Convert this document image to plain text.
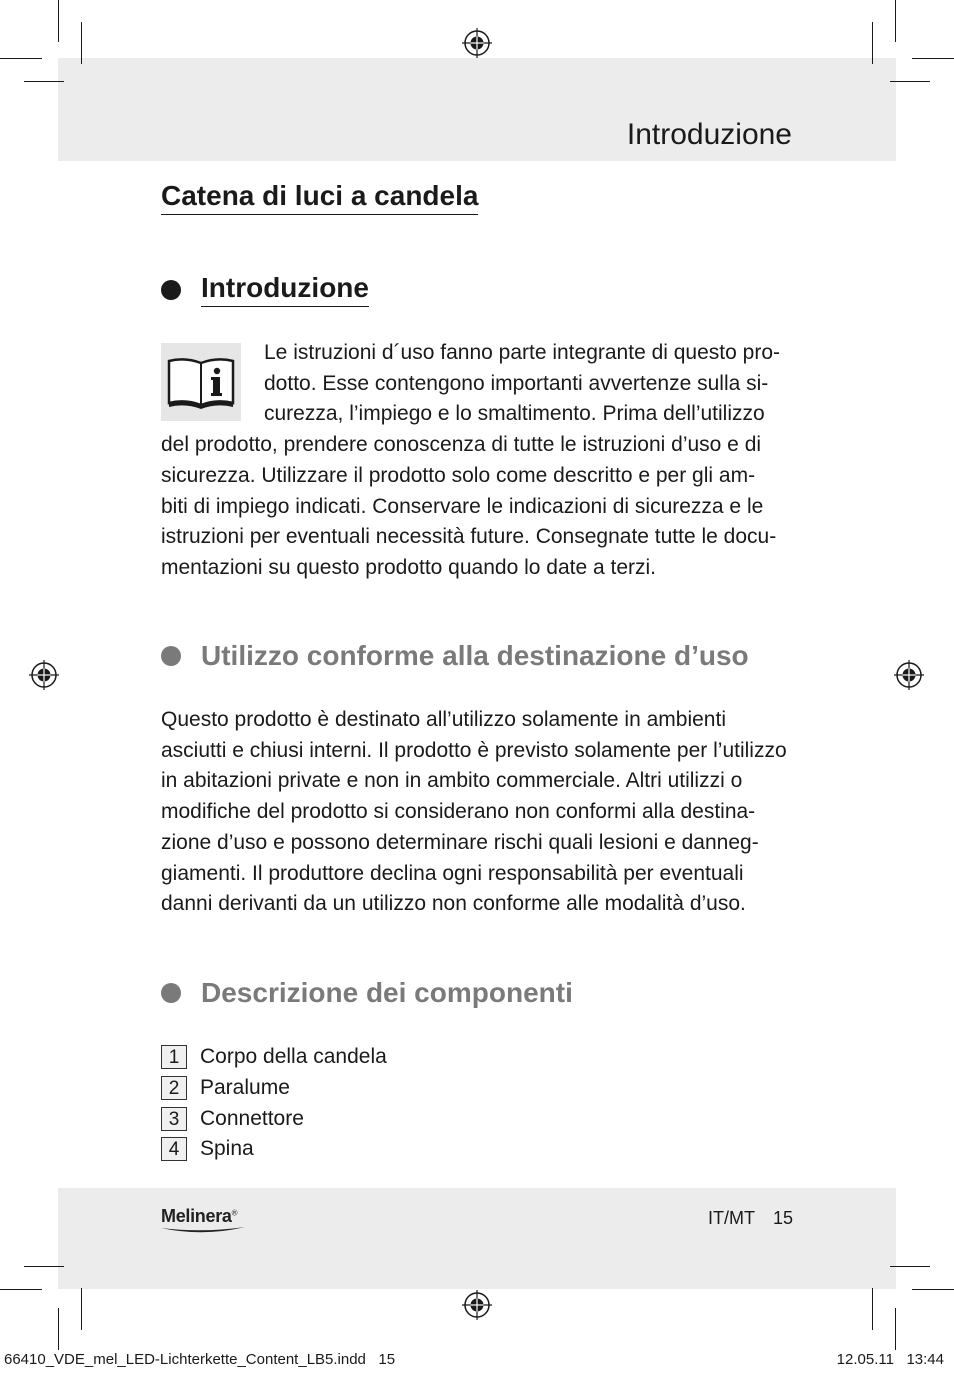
Introduzione
Catena di luci a candela
Introduzione

Le istruzioni d´uso fanno parte integrante di questo pro-

dotto. Esse contengono importanti avvertenze sulla si-

curezza, l’impiego e lo smaltimento. Prima dell’utilizzo

del prodotto, prendere conoscenza di tutte le istruzioni d’uso e di

sicurezza. Utilizzare il prodotto solo come descritto e per gli am-

biti di impiego indicati. Conservare le indicazioni di sicurezza e le

istruzioni per eventuali necessità future. Consegnate tutte le docu-

mentazioni su questo prodotto quando lo date a terzi.

Utilizzo conforme alla destinazione d’uso

Questo prodotto è destinato all’utilizzo solamente in ambienti

asciutti e chiusi interni. Il prodotto è previsto solamente per l’utilizzo

in abitazioni private e non in ambito commerciale. Altri utilizzi o

modifiche del prodotto si considerano non conformi alla destina-

zione d’uso e possono determinare rischi quali lesioni e danneg-

giamenti. Il produttore declina ogni responsabilità per eventuali

danni derivanti da un utilizzo non conforme alle modalità d’uso.

Descrizione dei componenti
1 Corpo della candela
2 Paralume
3 Connettore
4 Spina
Melinera®	IT/MT 15
66410_VDE_mel_LED-Lichterkette_Content_LB5.indd   15	12.05.11   13:44
